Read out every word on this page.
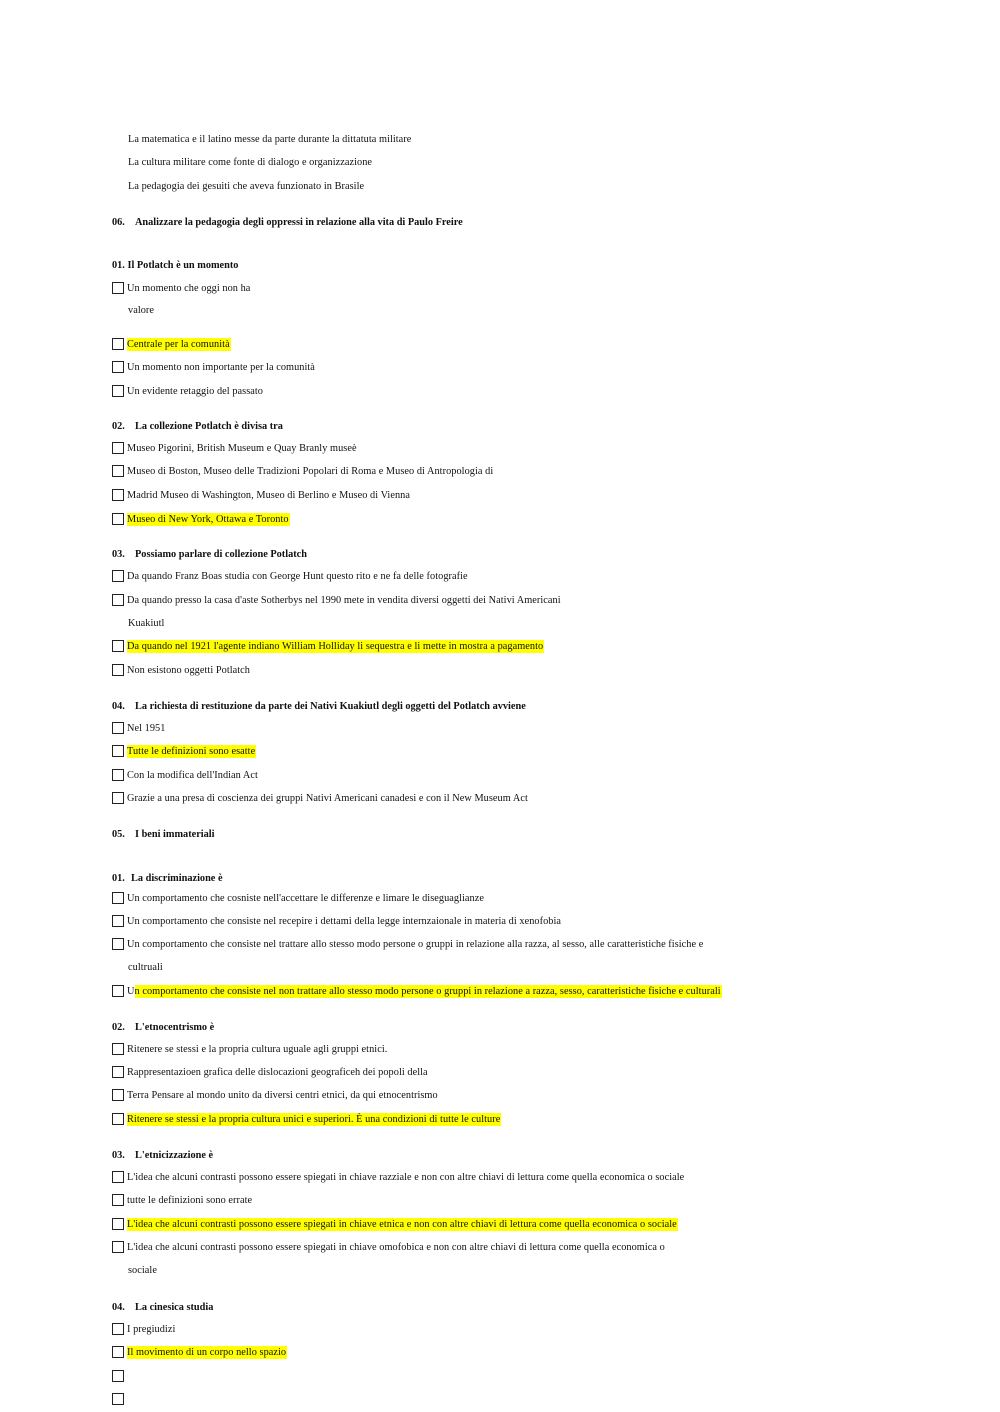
La matematica e il latino messe da parte durante la dittatuta militare
La cultura militare come fonte di dialogo e organizzazione
La pedagogia dei gesuiti che aveva funzionato in Brasile
06. Analizzare la pedagogia degli oppressi in relazione alla vita di Paulo Freire
01. Il Potlatch è un momento
Un momento che oggi non ha
valore
Centrale per la comunità
Un momento non importante per la comunità
Un evidente retaggio del passato
02. La collezione Potlatch è divisa tra
Museo Pigorini, British Museum e Quay Branly museè
Museo di Boston, Museo delle Tradizioni Popolari di Roma e Museo di Antropologia di
Madrid Museo di Washington, Museo di Berlino e Museo di Vienna
Museo di New York, Ottawa e Toronto
03. Possiamo parlare di collezione Potlatch
Da quando Franz Boas studia con George Hunt questo rito e ne fa delle fotografie
Da quando presso la casa d'aste Sotherbys nel 1990 mete in vendita diversi oggetti dei Nativi Americani
Kuakiutl
Da quando nel 1921 l'agente indiano William Holliday li sequestra e li mette in mostra a pagamento
Non esistono oggetti Potlatch
04. La richiesta di restituzione da parte dei Nativi Kuakiutl degli oggetti del Potlatch avviene
Nel 1951
Tutte le definizioni sono esatte
Con la modifica dell'Indian Act
Grazie a una presa di coscienza dei gruppi Nativi Americani canadesi e con il New Museum Act
05. I beni immateriali
01. La discriminazione è
Un comportamento che cosniste nell'accettare le differenze e limare le diseguaglianze
Un comportamento che consiste nel recepire i dettami della legge internzaionale in materia di xenofobia
Un comportamento che consiste nel trattare allo stesso modo persone o gruppi in relazione alla razza, al sesso, alle caratteristiche fisiche e
cultruali
U n comportamento che consiste nel non trattare allo stesso modo persone o gruppi in relazione a razza, sesso, caratteristiche fisiche e culturali
02. L'etnocentrismo è
Ritenere se stessi e la propria cultura uguale agli gruppi etnici.
Rappresentazioen grafica delle dislocazioni geograficeh dei popoli della
Terra Pensare al mondo unito da diversi centri etnici, da qui etnocentrismo
Ritenere se stessi e la propria cultura unici e superiori. È una condizioni di tutte le culture
03. L'etnicizzazione è
L'idea che alcuni contrasti possono essere spiegati in chiave razziale e non con altre chiavi di lettura come quella economica o sociale
tutte le definizioni sono errate
L'idea che alcuni contrasti possono essere spiegati in chiave etnica e non con altre chiavi di lettura come quella economica o sociale
L'idea che alcuni contrasti possono essere spiegati in chiave omofobica e non con altre chiavi di lettura come quella economica o
sociale
04. La cinesica studia
I pregiudizi
Il movimento di un corpo nello spazio
